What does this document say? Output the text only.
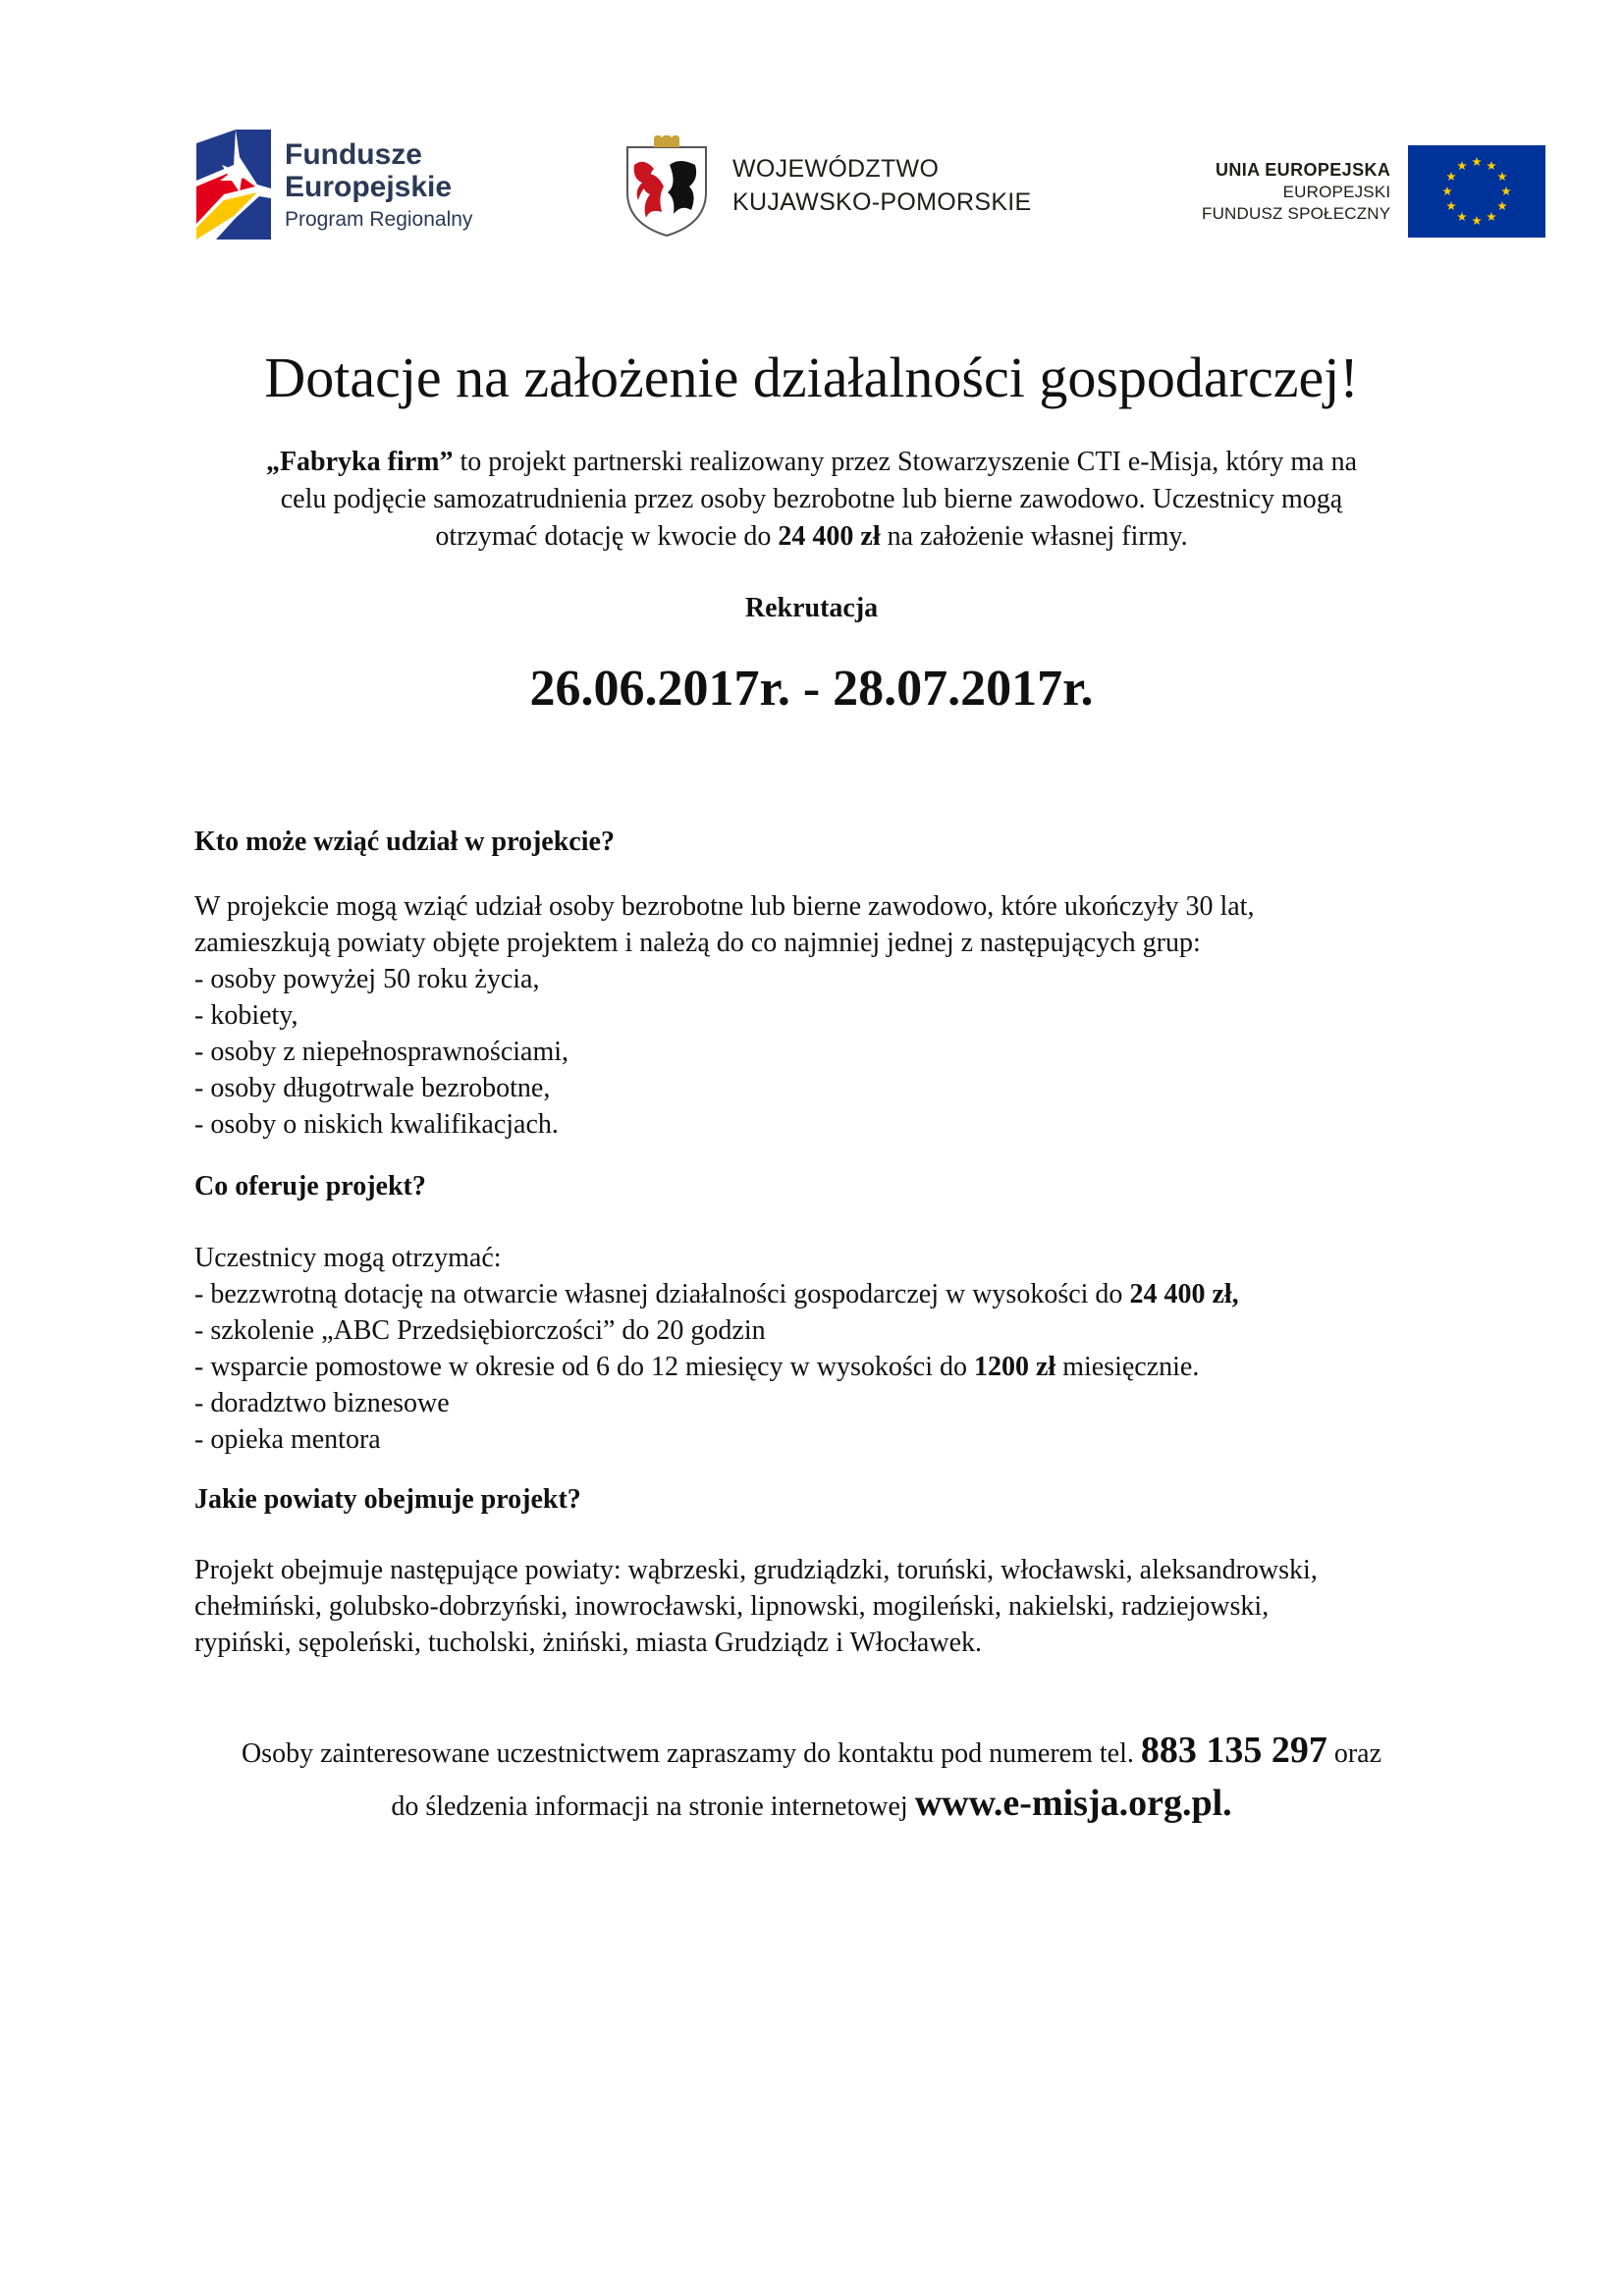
Fundusze
Europejskie
Program Regionalny
WOJEWÓDZTWO
KUJAWSKO-POMORSKIE
UNIA EUROPEJSKA
EUROPEJSKI
FUNDUSZ SPOŁECZNY
Dotacje na założenie działalności gospodarczej!
„Fabryka firm” to projekt partnerski realizowany przez Stowarzyszenie CTI e-Misja, który ma na
celu podjęcie samozatrudnienia przez osoby bezrobotne lub bierne zawodowo. Uczestnicy mogą
otrzymać dotację w kwocie do 24 400 zł na założenie własnej firmy.
Rekrutacja
26.06.2017r. - 28.07.2017r.
Kto może wziąć udział w projekcie?
W projekcie mogą wziąć udział osoby bezrobotne lub bierne zawodowo, które ukończyły 30 lat,
zamieszkują powiaty objęte projektem i należą do co najmniej jednej z następujących grup:
- osoby powyżej 50 roku życia,
- kobiety,
- osoby z niepełnosprawnościami,
- osoby długotrwale bezrobotne,
- osoby o niskich kwalifikacjach.
Co oferuje projekt?
Uczestnicy mogą otrzymać:
- bezzwrotną dotację na otwarcie własnej działalności gospodarczej w wysokości do 24 400 zł,
- szkolenie „ABC Przedsiębiorczości” do 20 godzin
- wsparcie pomostowe w okresie od 6 do 12 miesięcy w wysokości do 1200 zł miesięcznie.
- doradztwo biznesowe
- opieka mentora
Jakie powiaty obejmuje projekt?
Projekt obejmuje następujące powiaty: wąbrzeski, grudziądzki, toruński, włocławski, aleksandrowski,
chełmiński, golubsko-dobrzyński, inowrocławski, lipnowski, mogileński, nakielski, radziejowski,
rypiński, sępoleński, tucholski, żniński, miasta Grudziądz i Włocławek.
Osoby zainteresowane uczestnictwem zapraszamy do kontaktu pod numerem tel. 883 135 297 oraz
do śledzenia informacji na stronie internetowej www.e-misja.org.pl.
